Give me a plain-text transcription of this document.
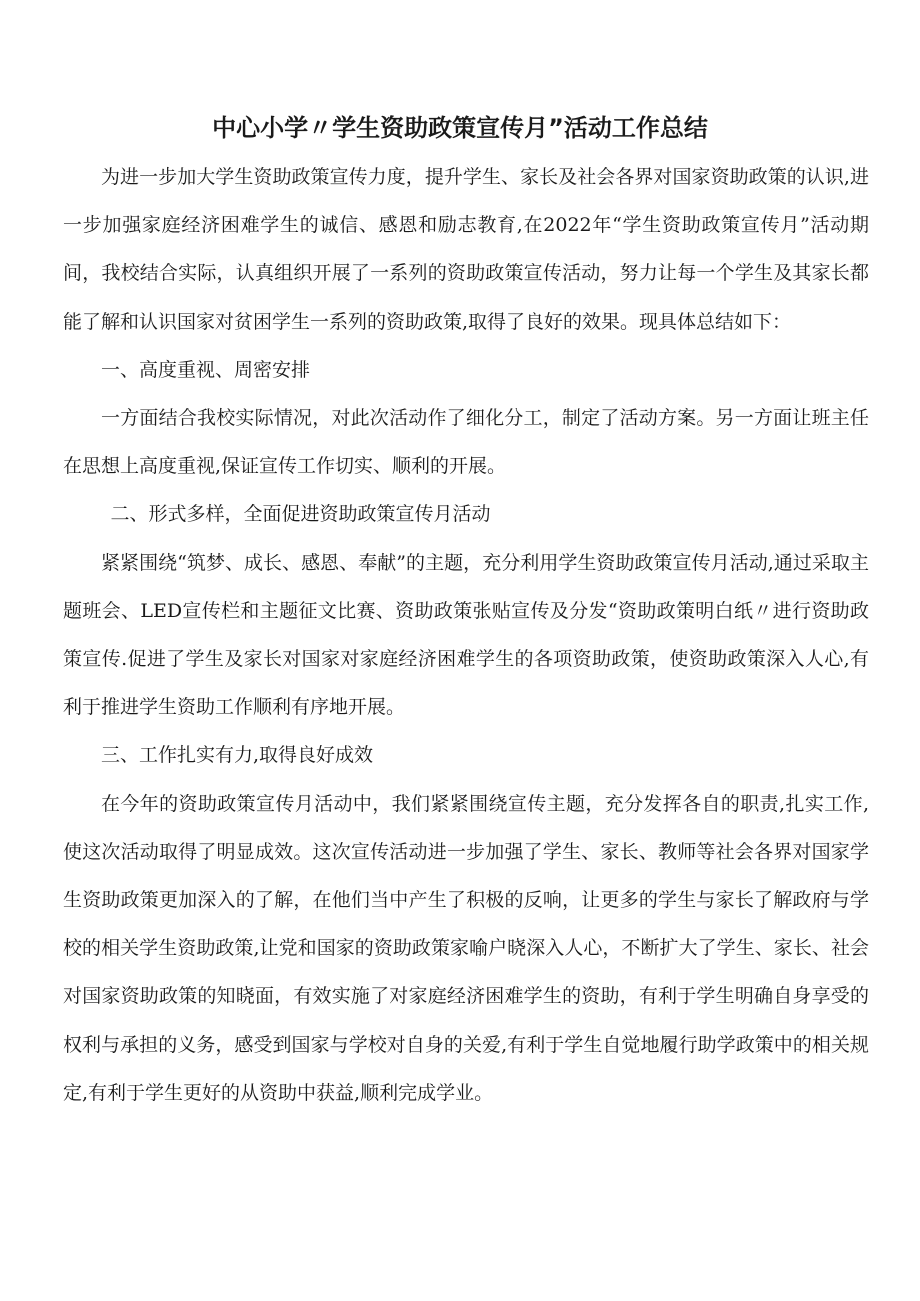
中心小学〃学生资助政策宣传月”活动工作总结

为进一步加大学生资助政策宣传力度，提升学生、家长及社会各界对国家资助政策的认识,进一步加强家庭经济困难学生的诚信、感恩和励志教育,在2022年“学生资助政策宣传月”活动期间，我校结合实际，认真组织开展了一系列的资助政策宣传活动，努力让每一个学生及其家长都能了解和认识国家对贫困学生一系列的资助政策,取得了良好的效果。现具体总结如下：

一、高度重视、周密安排

一方面结合我校实际情况，对此次活动作了细化分工，制定了活动方案。另一方面让班主任在思想上高度重视,保证宣传工作切实、顺利的开展。

二、形式多样，全面促进资助政策宣传月活动

紧紧围绕“筑梦、成长、感恩、奉献”的主题，充分利用学生资助政策宣传月活动,通过采取主题班会、LED宣传栏和主题征文比赛、资助政策张贴宣传及分发“资助政策明白纸〃进行资助政策宣传.促进了学生及家长对国家对家庭经济困难学生的各项资助政策，使资助政策深入人心,有利于推进学生资助工作顺利有序地开展。

三、工作扎实有力,取得良好成效

在今年的资助政策宣传月活动中，我们紧紧围绕宣传主题，充分发挥各自的职责,扎实工作,使这次活动取得了明显成效。这次宣传活动进一步加强了学生、家长、教师等社会各界对国家学生资助政策更加深入的了解，在他们当中产生了积极的反响，让更多的学生与家长了解政府与学校的相关学生资助政策,让党和国家的资助政策家喻户晓深入人心，不断扩大了学生、家长、社会对国家资助政策的知晓面，有效实施了对家庭经济困难学生的资助，有利于学生明确自身享受的权利与承担的义务，感受到国家与学校对自身的关爱,有利于学生自觉地履行助学政策中的相关规定,有利于学生更好的从资助中获益,顺利完成学业。
